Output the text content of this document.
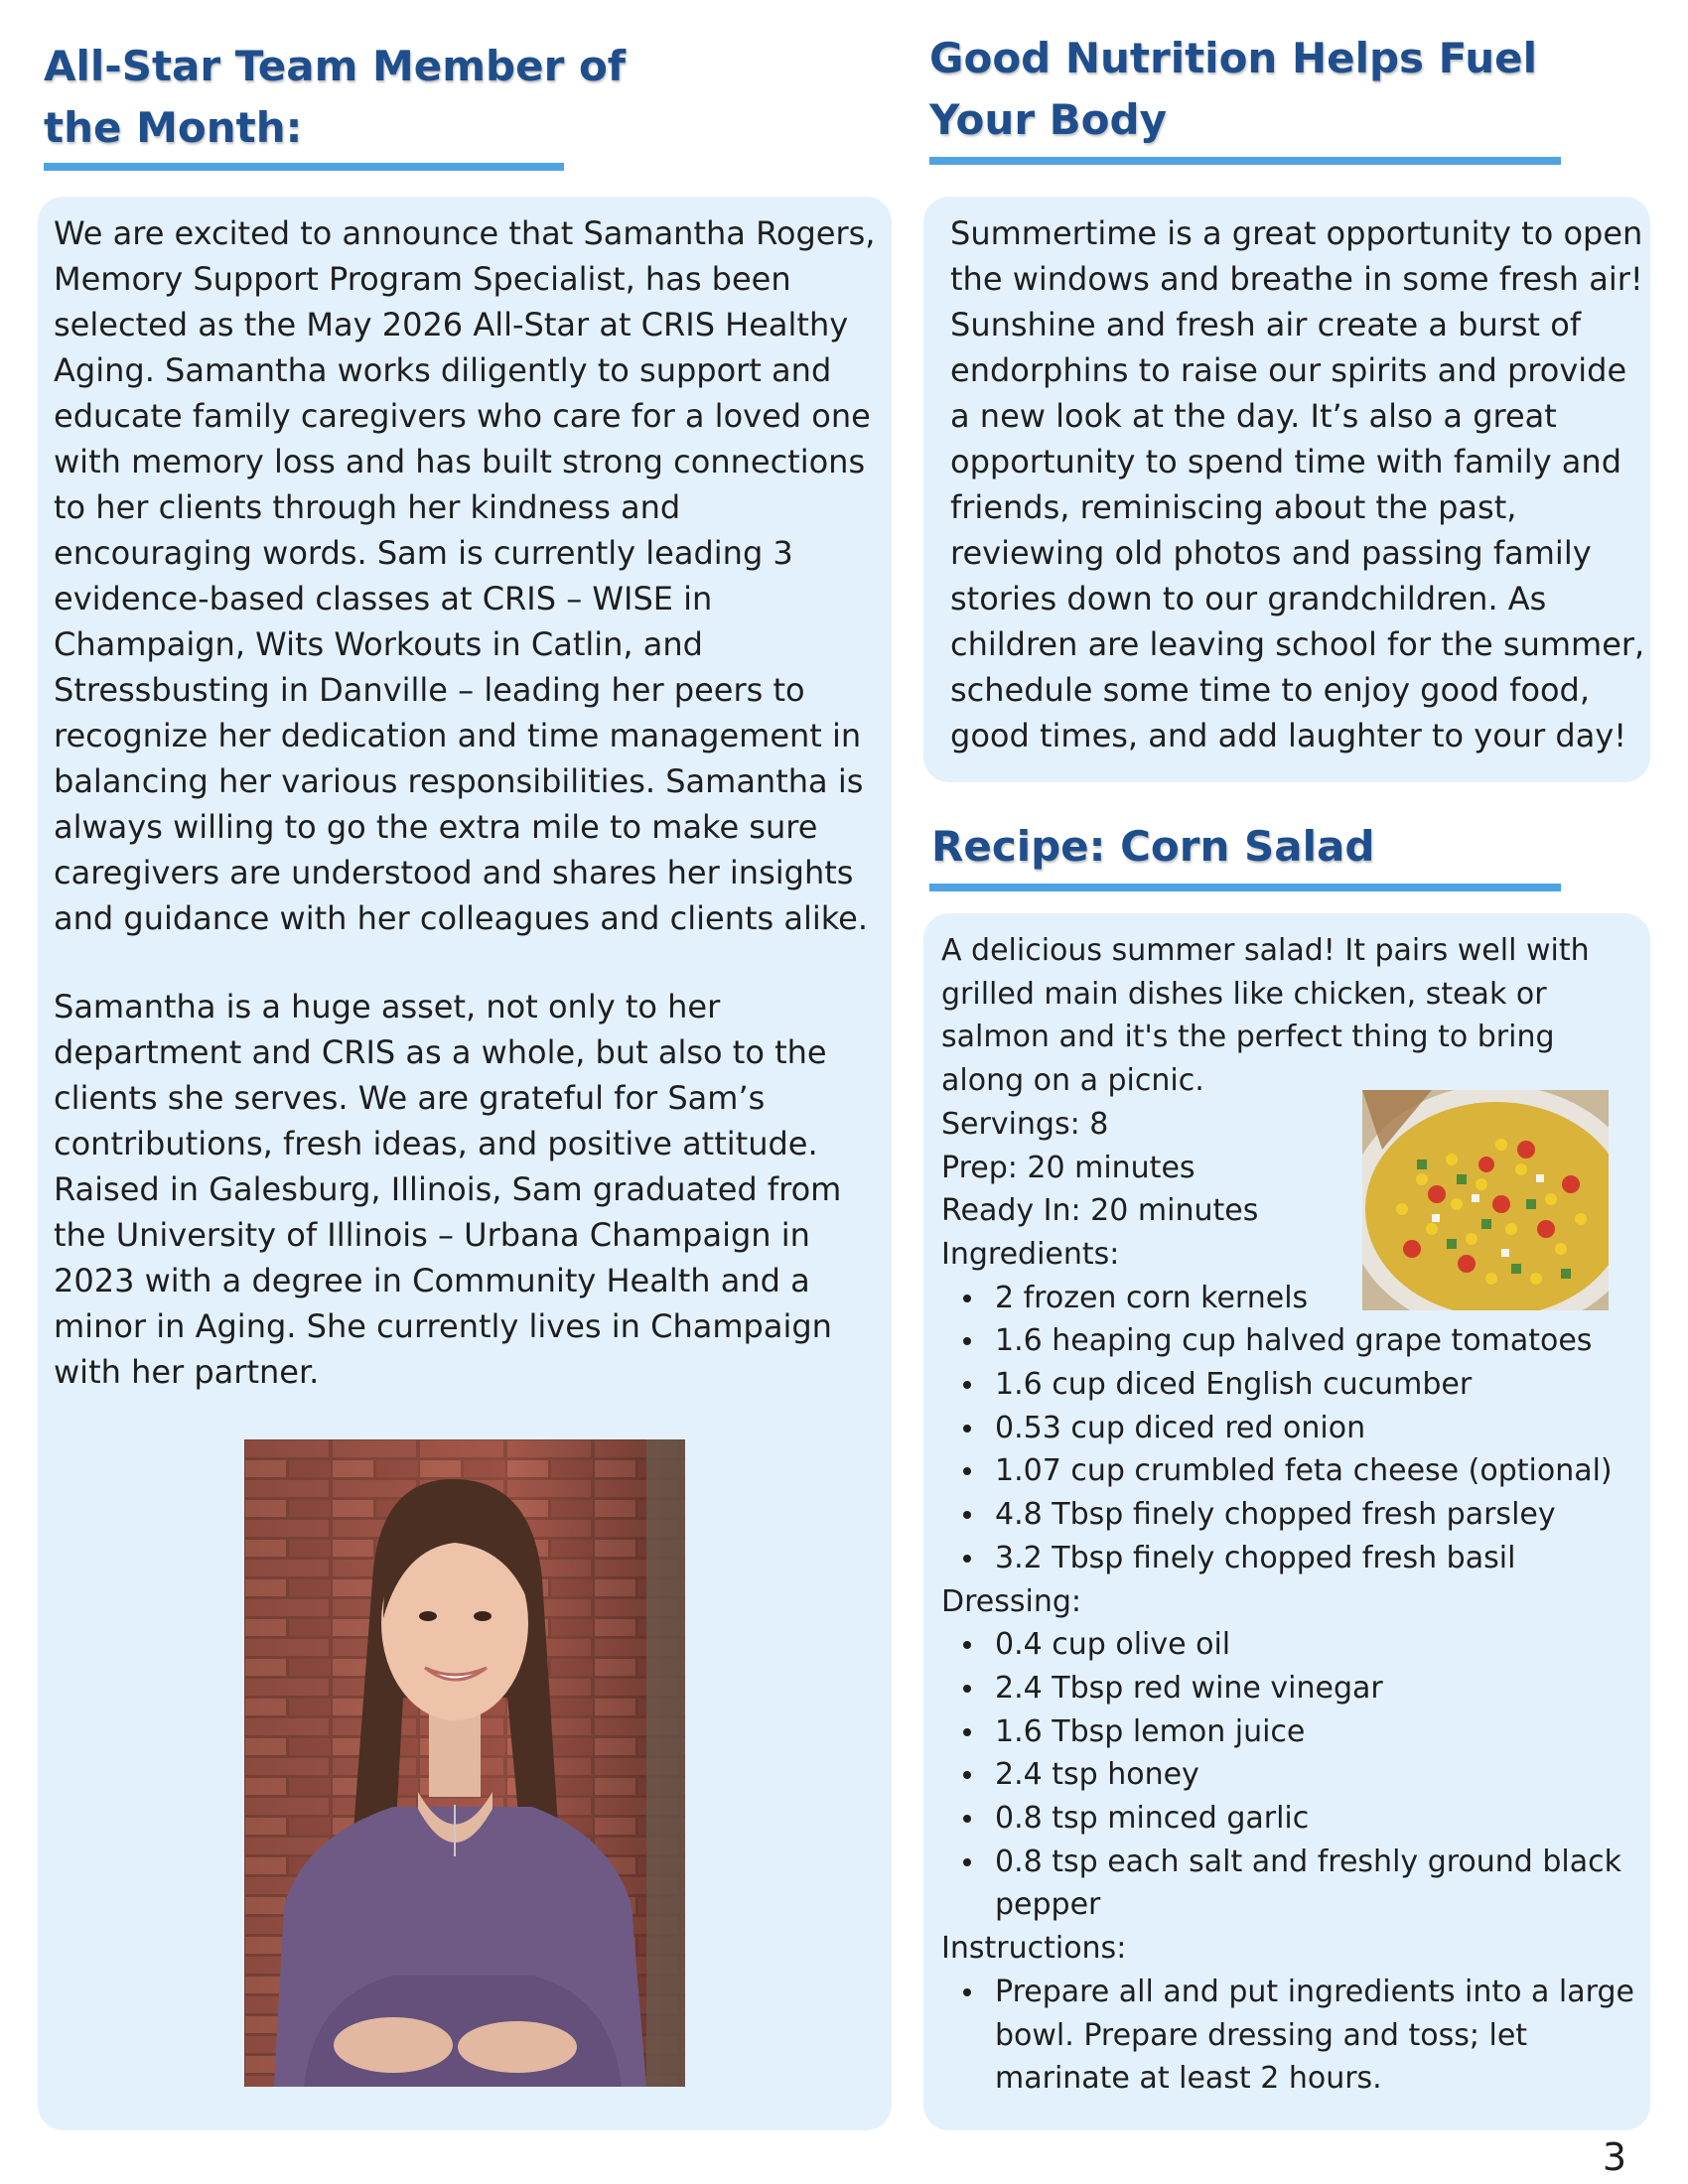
All-Star Team Member of the Month:

We are excited to announce that Samantha Rogers, Memory Support Program Specialist, has been selected as the May 2026 All-Star at CRIS Healthy Aging. Samantha works diligently to support and educate family caregivers who care for a loved one with memory loss and has built strong connections to her clients through her kindness and encouraging words. Sam is currently leading 3 evidence-based classes at CRIS – WISE in Champaign, Wits Workouts in Catlin, and Stressbusting in Danville – leading her peers to recognize her dedication and time management in balancing her various responsibilities. Samantha is always willing to go the extra mile to make sure caregivers are understood and shares her insights and guidance with her colleagues and clients alike.

Samantha is a huge asset, not only to her department and CRIS as a whole, but also to the clients she serves. We are grateful for Sam’s contributions, fresh ideas, and positive attitude. Raised in Galesburg, Illinois, Sam graduated from the University of Illinois – Urbana Champaign in 2023 with a degree in Community Health and a minor in Aging. She currently lives in Champaign with her partner.

Good Nutrition Helps Fuel Your Body

Summertime is a great opportunity to open the windows and breathe in some fresh air! Sunshine and fresh air create a burst of endorphins to raise our spirits and provide a new look at the day. It’s also a great opportunity to spend time with family and friends, reminiscing about the past, reviewing old photos and passing family stories down to our grandchildren. As children are leaving school for the summer, schedule some time to enjoy good food, good times, and add laughter to your day!

Recipe: Corn Salad
A delicious summer salad! It pairs well with grilled main dishes like chicken, steak or salmon and it's the perfect thing to bring along on a picnic.
Servings: 8
Prep: 20 minutes
Ready In: 20 minutes
Ingredients:
2 frozen corn kernels
1.6 heaping cup halved grape tomatoes
1.6 cup diced English cucumber
0.53 cup diced red onion
1.07 cup crumbled feta cheese (optional)
4.8 Tbsp finely chopped fresh parsley
3.2 Tbsp finely chopped fresh basil
Dressing:
0.4 cup olive oil
2.4 Tbsp red wine vinegar
1.6 Tbsp lemon juice
2.4 tsp honey
0.8 tsp minced garlic
0.8 tsp each salt and freshly ground black pepper
Instructions:
Prepare all and put ingredients into a large bowl. Prepare dressing and toss; let marinate at least 2 hours.
3
